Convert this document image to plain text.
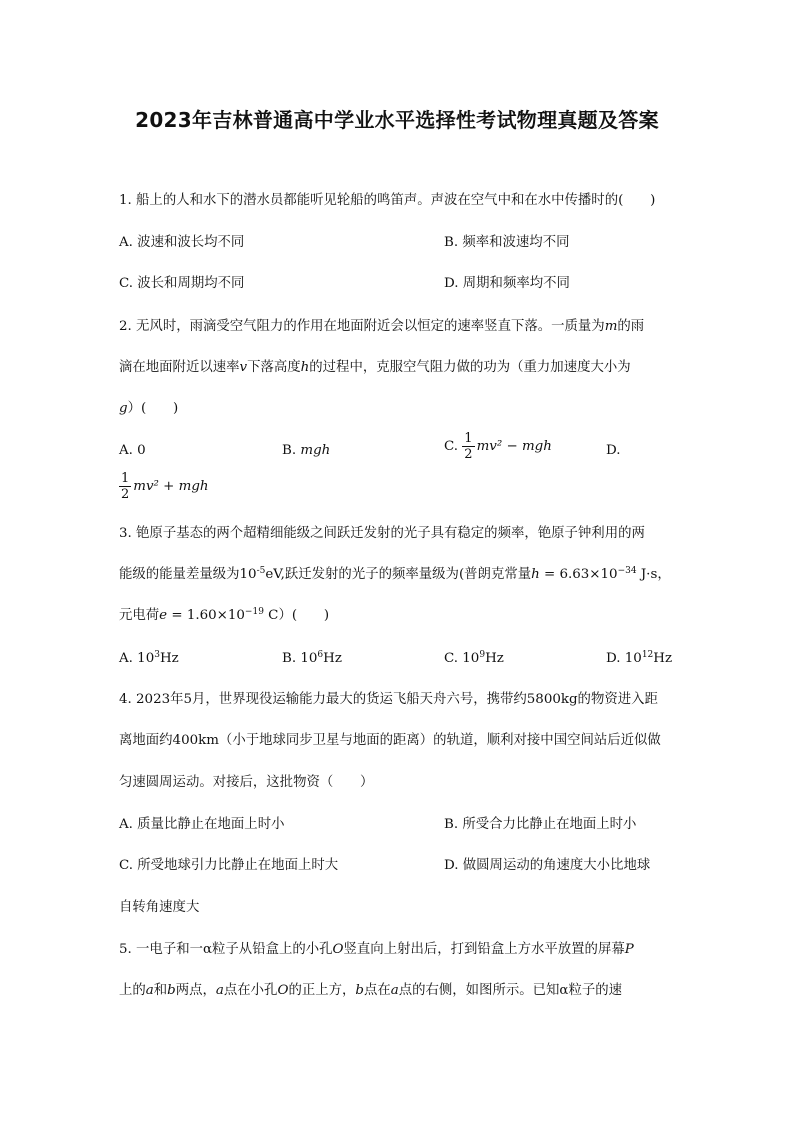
2023年吉林普通高中学业水平选择性考试物理真题及答案
1. 船上的人和水下的潜水员都能听见轮船的鸣笛声。声波在空气中和在水中传播时的(　　)
A. 波速和波长均不同	B. 频率和波速均不同
C. 波长和周期均不同	D. 周期和频率均不同
2. 无风时，雨滴受空气阻力的作用在地面附近会以恒定的速率竖直下落。一质量为m的雨
滴在地面附近以速率v下落高度h的过程中，克服空气阻力做的功为（重力加速度大小为
g）(　　)
A. 0	B. mgh	C. $\frac{1}{2} mv^2$ − mgh	D.
$\frac{1}{2} mv^2$ + mgh
3. 铯原子基态的两个超精细能级之间跃迁发射的光子具有稳定的频率，铯原子钟利用的两
能级的能量差量级为$10^{-5}eV$,跃迁发射的光子的频率量级为(普朗克常量$h = 6.63\times 10^{-34}$ J·s，
元电荷$e = 1.60\times 10^{-19}$ C）(　　)
A. $10^3Hz$	B. $10^6Hz$	C. $10^9Hz$	D. $10^{12}Hz$
4. 2023年5月，世界现役运输能力最大的货运飞船天舟六号，携带约5800kg的物资进入距
离地面约400km（小于地球同步卫星与地面的距离）的轨道，顺利对接中国空间站后近似做
匀速圆周运动。对接后，这批物资（　　）
A. 质量比静止在地面上时小	B. 所受合力比静止在地面上时小
C. 所受地球引力比静止在地面上时大	D. 做圆周运动的角速度大小比地球
自转角速度大
5. 一电子和一α粒子从铅盒上的小孔O竖直向上射出后，打到铅盒上方水平放置的屏幕P
上的a和b两点，a点在小孔O的正上方，b点在a点的右侧，如图所示。已知α粒子的速
